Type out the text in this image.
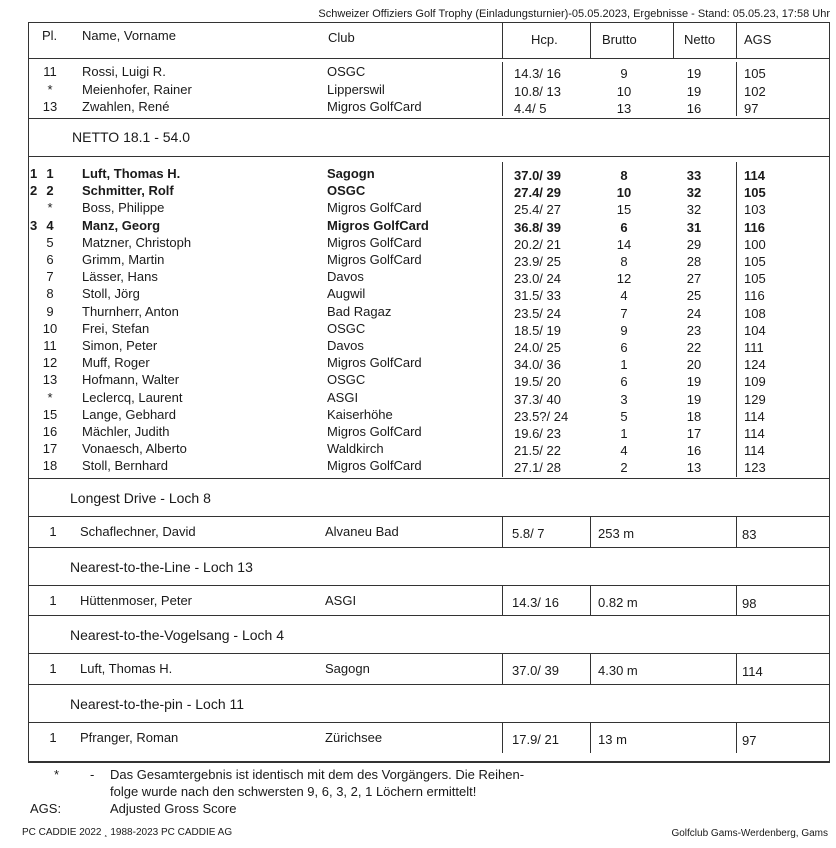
Schweizer Offiziers Golf Trophy (Einladungsturnier)-05.05.2023, Ergebnisse - Stand: 05.05.23, 17:58 Uhr
Pl. Name, Vorname	Club	Hcp.	Brutto	Netto AGS
11 Rossi, Luigi R.	OSGC	14.3/ 16	9	19	105
*	Meienhofer, Rainer	Lipperswil	10.8/ 13	10	19	102
13 Zwahlen, René	Migros GolfCard	4.4/ 5	13	16	97
NETTO 18.1 - 54.0
1 1	Luft, Thomas H.	Sagogn	37.0/ 39	8	33	114
2 2	Schmitter, Rolf	OSGC	27.4/ 29	10	32	105
*	Boss, Philippe	Migros GolfCard	25.4/ 27	15	32	103
3 4	Manz, Georg	Migros GolfCard	36.8/ 39	6	31	116
5	Matzner, Christoph	Migros GolfCard	20.2/ 21	14	29	100
6	Grimm, Martin	Migros GolfCard	23.9/ 25	8	28	105
7	Lässer, Hans	Davos	23.0/ 24	12	27	105
8	Stoll, Jörg	Augwil	31.5/ 33	4	25	116
9	Thurnherr, Anton	Bad Ragaz	23.5/ 24	7	24	108
10 Frei, Stefan	OSGC	18.5/ 19	9	23	104
11 Simon, Peter	Davos	24.0/ 25	6	22	111
12 Muff, Roger	Migros GolfCard	34.0/ 36	1	20	124
13 Hofmann, Walter	OSGC	19.5/ 20	6	19	109
*	Leclercq, Laurent	ASGI	37.3/ 40	3	19	129
15 Lange, Gebhard	Kaiserhöhe	23.5?/ 24	5	18	114
16 Mächler, Judith	Migros GolfCard	19.6/ 23	1	17	114
17 Vonaesch, Alberto	Waldkirch	21.5/ 22	4	16	114
18 Stoll, Bernhard	Migros GolfCard	27.1/ 28	2	13	123
Longest Drive - Loch 8
1 Schaflechner, David	Alvaneu Bad	5.8/ 7	253 m	83
Nearest-to-the-Line - Loch 13
1 Hüttenmoser, Peter	ASGI	14.3/ 16	0.82 m	98
Nearest-to-the-Vogelsang - Loch 4
1 Luft, Thomas H.	Sagogn	37.0/ 39	4.30 m	114
Nearest-to-the-pin - Loch 11
1 Pfranger, Roman	Zürichsee	17.9/ 21	13 m	97
* - Das Gesamtergebnis ist identisch mit dem des Vorgängers. Die Reihen-
folge wurde nach den schwersten 9, 6, 3, 2, 1 Löchern ermittelt!
AGS:	Adjusted Gross Score
PC CADDIE 2022 ¸ 1988-2023 PC CADDIE AG	Golfclub Gams-Werdenberg, Gams
